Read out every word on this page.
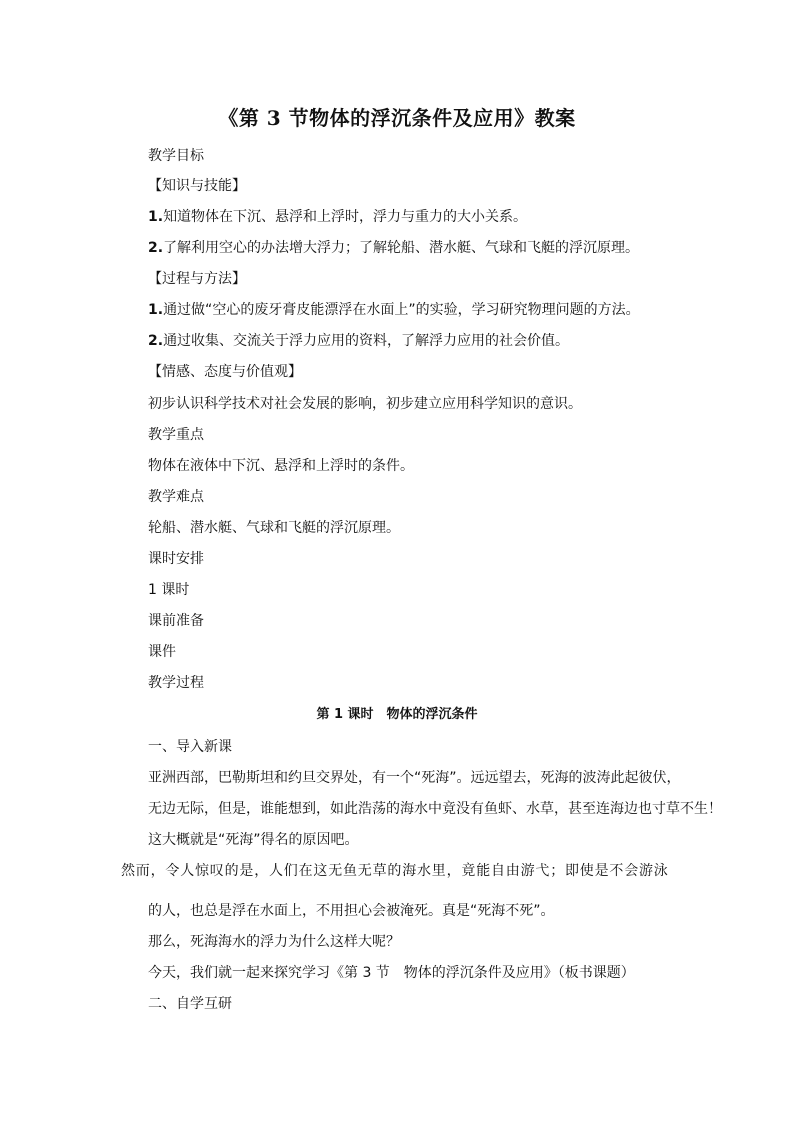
《第 3 节物体的浮沉条件及应用》教案
教学目标
【知识与技能】
1.知道物体在下沉、悬浮和上浮时，浮力与重力的大小关系。
2.了解利用空心的办法增大浮力；了解轮船、潜水艇、气球和飞艇的浮沉原理。
【过程与方法】
1.通过做“空心的废牙膏皮能漂浮在水面上”的实验，学习研究物理问题的方法。
2.通过收集、交流关于浮力应用的资料，了解浮力应用的社会价值。
【情感、态度与价值观】
初步认识科学技术对社会发展的影响，初步建立应用科学知识的意识。
教学重点
物体在液体中下沉、悬浮和上浮时的条件。
教学难点
轮船、潜水艇、气球和飞艇的浮沉原理。
课时安排
1 课时
课前准备
课件
教学过程
第 1 课时　物体的浮沉条件
一、导入新课
亚洲西部，巴勒斯坦和约旦交界处，有一个“死海”。远远望去，死海的波涛此起彼伏，
无边无际，但是，谁能想到，如此浩荡的海水中竟没有鱼虾、水草，甚至连海边也寸草不生！
这大概就是“死海”得名的原因吧。
然而，令人惊叹的是，人们在这无鱼无草的海水里，竟能自由游弋；即使是不会游泳
的人，也总是浮在水面上，不用担心会被淹死。真是“死海不死”。
那么，死海海水的浮力为什么这样大呢？
今天，我们就一起来探究学习《第 3 节　物体的浮沉条件及应用》（板书课题）
二、自学互研
